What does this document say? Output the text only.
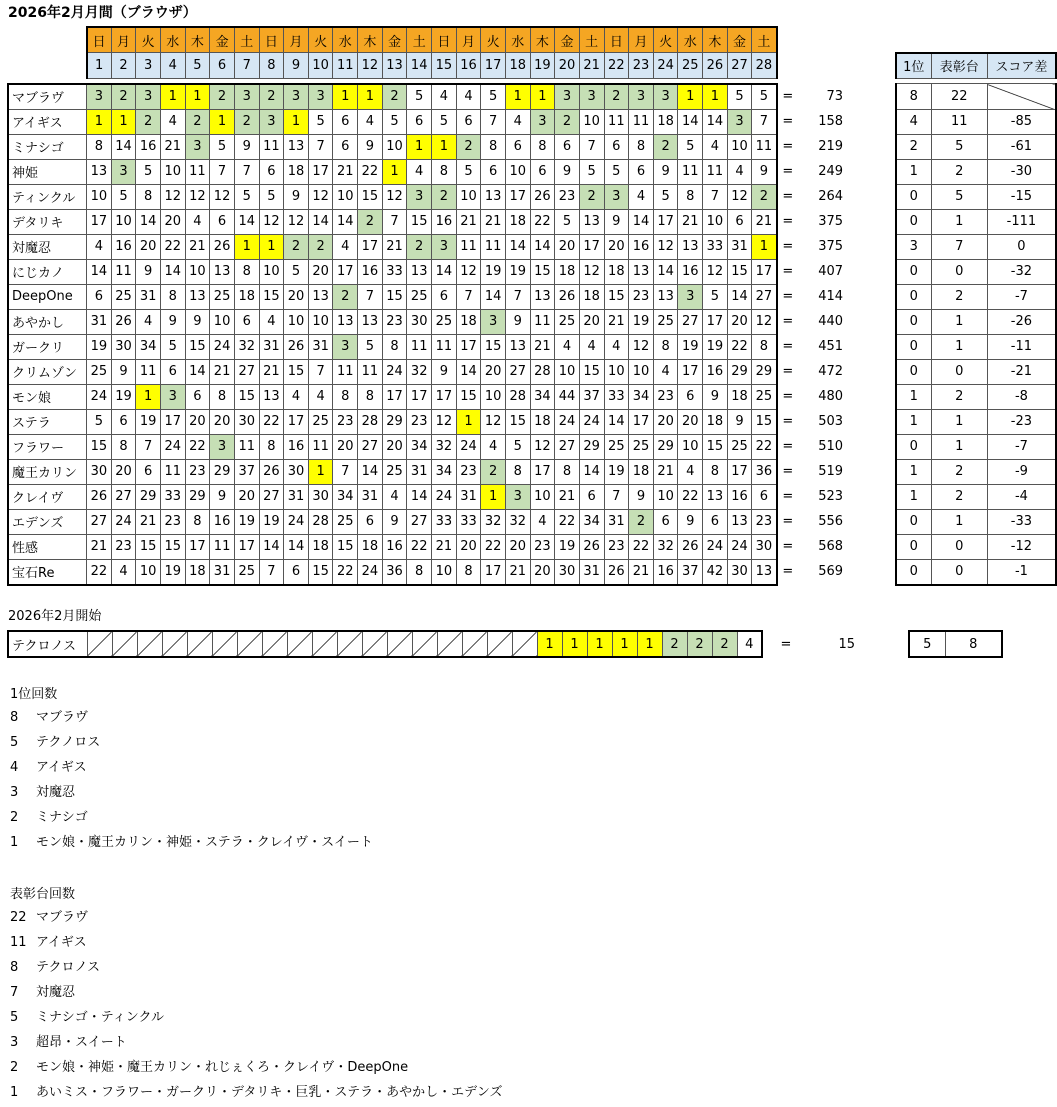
2026年2月月間（ブラウザ）
	日	月	火	水	木	金	土	日	月	火	水	木	金	土	日	月	火	水	木	金	土	日	月	火	水	木	金	土						
	1	2	3	4	5	6	7	8	9	10	11	12	13	14	15	16	17	18	19	20	21	22	23	24	25	26	27	28				1位	表彰台	スコア差

マブラヴ	3	2	3	1	1	2	3	2	3	3	1	1	2	5	4	4	5	1	1	3	3	2	3	3	1	1	5	5	=	73		8	22	
アイギス	1	1	2	4	2	1	2	3	1	5	6	4	5	6	5	6	7	4	3	2	10	11	11	18	14	14	3	7	=	158		4	11	-85
ミナシゴ	8	14	16	21	3	5	9	11	13	7	6	9	10	1	1	2	8	6	8	6	7	6	8	2	5	4	10	11	=	219		2	5	-61
神姫	13	3	5	10	11	7	7	6	18	17	21	22	1	4	8	5	6	10	6	9	5	5	6	9	11	11	4	9	=	249		1	2	-30
ティンクル	10	5	8	12	12	12	5	5	9	12	10	15	12	3	2	10	13	17	26	23	2	3	4	5	8	7	12	2	=	264		0	5	-15
デタリキ	17	10	14	20	4	6	14	12	12	14	14	2	7	15	16	21	21	18	22	5	13	9	14	17	21	10	6	21	=	375		0	1	-111
対魔忍	4	16	20	22	21	26	1	1	2	2	4	17	21	2	3	11	11	14	14	20	17	20	16	12	13	33	31	1	=	375		3	7	0
にじカノ	14	11	9	14	10	13	8	10	5	20	17	16	33	13	14	12	19	19	15	18	12	18	13	14	16	12	15	17	=	407		0	0	-32
DeepOne	6	25	31	8	13	25	18	15	20	13	2	7	15	25	6	7	14	7	13	26	18	15	23	13	3	5	14	27	=	414		0	2	-7
あやかし	31	26	4	9	9	10	6	4	10	10	13	13	23	30	25	18	3	9	11	25	20	21	19	25	27	17	20	12	=	440		0	1	-26
ガークリ	19	30	34	5	15	24	32	31	26	31	3	5	8	11	11	17	15	13	21	4	4	4	12	8	19	19	22	8	=	451		0	1	-11
クリムゾン	25	9	11	6	14	21	27	21	15	7	11	11	24	32	9	14	20	27	28	10	15	10	10	4	17	16	29	29	=	472		0	0	-21
モン娘	24	19	1	3	6	8	15	13	4	4	8	8	17	17	17	15	10	28	34	44	37	33	34	23	6	9	18	25	=	480		1	2	-8
ステラ	5	6	19	17	20	20	30	22	17	25	23	28	29	23	12	1	12	15	18	24	24	14	17	20	20	18	9	15	=	503		1	1	-23
フラワー	15	8	7	24	22	3	11	8	16	11	20	27	20	34	32	24	4	5	12	27	29	25	25	29	10	15	25	22	=	510		0	1	-7
魔王カリン	30	20	6	11	23	29	37	26	30	1	7	14	25	31	34	23	2	8	17	8	14	19	18	21	4	8	17	36	=	519		1	2	-9
クレイヴ	26	27	29	33	29	9	20	27	31	30	34	31	4	14	24	31	1	3	10	21	6	7	9	10	22	13	16	6	=	523		1	2	-4
エデンズ	27	24	21	23	8	16	19	19	24	28	25	6	9	27	33	33	32	32	4	22	34	31	2	6	9	6	13	23	=	556		0	1	-33
性感	21	23	15	15	17	11	17	14	14	18	15	18	16	22	21	20	22	20	23	19	26	23	22	32	26	24	24	30	=	568		0	0	-12
宝石Re	22	4	10	19	18	31	25	7	6	15	22	24	36	8	10	8	17	21	20	30	31	26	21	16	37	42	30	13	=	569		0	0	-1
2026年2月開始
テクロノス																			1	1	1	1	1	2	2	2	4	=	15		5	8
1位回数
8 マブラヴ
5 テクノロス
4 アイギス
3 対魔忍
2 ミナシゴ
1 モン娘・魔王カリン・神姫・ステラ・クレイヴ・スイート
表彰台回数
22 マブラヴ
11 アイギス
8 テクロノス
7 対魔忍
5 ミナシゴ・ティンクル
3 超昂・スイート
2 モン娘・神姫・魔王カリン・れじぇくろ・クレイヴ・DeepOne
1 あいミス・フラワー・ガークリ・デタリキ・巨乳・ステラ・あやかし・エデンズ
